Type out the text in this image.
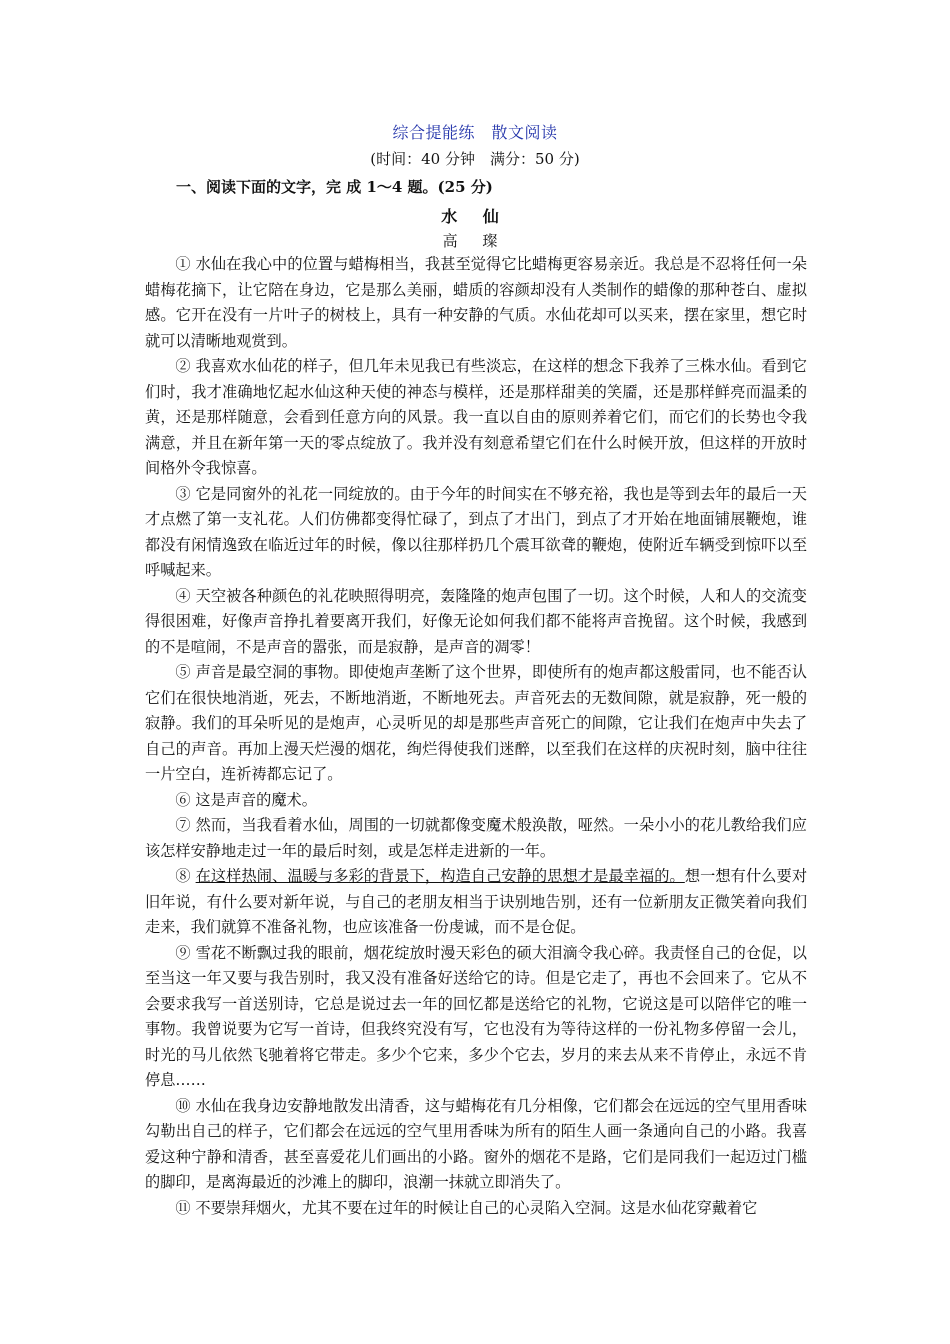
综合提能练　散文阅读
(时间：40 分钟　满分：50 分)
一、阅读下面的文字，完 成 1～4 题。(25 分)
水 仙
高 璨

① 水仙在我心中的位置与蜡梅相当，我甚至觉得它比蜡梅更容易亲近。我总是不忍将任何一朵蜡梅花摘下，让它陪在身边，它是那么美丽，蜡质的容颜却没有人类制作的蜡像的那种苍白、虚拟感。它开在没有一片叶子的树枝上，具有一种安静的气质。水仙花却可以买来，摆在家里，想它时就可以清晰地观赏到。

② 我喜欢水仙花的样子，但几年未见我已有些淡忘，在这样的想念下我养了三株水仙。看到它们时，我才准确地忆起水仙这种天使的神态与模样，还是那样甜美的笑靥，还是那样鲜亮而温柔的黄，还是那样随意，会看到任意方向的风景。我一直以自由的原则养着它们，而它们的长势也令我满意，并且在新年第一天的零点绽放了。我并没有刻意希望它们在什么时候开放，但这样的开放时间格外令我惊喜。

③ 它是同窗外的礼花一同绽放的。由于今年的时间实在不够充裕，我也是等到去年的最后一天才点燃了第一支礼花。人们仿佛都变得忙碌了，到点了才出门，到点了才开始在地面铺展鞭炮，谁都没有闲情逸致在临近过年的时候，像以往那样扔几个震耳欲聋的鞭炮，使附近车辆受到惊吓以至呼喊起来。

④ 天空被各种颜色的礼花映照得明亮，轰隆隆的炮声包围了一切。这个时候，人和人的交流变得很困难，好像声音挣扎着要离开我们，好像无论如何我们都不能将声音挽留。这个时候，我感到的不是喧闹，不是声音的嚣张，而是寂静，是声音的凋零！

⑤ 声音是最空洞的事物。即使炮声垄断了这个世界，即使所有的炮声都这般雷同，也不能否认它们在很快地消逝，死去，不断地消逝，不断地死去。声音死去的无数间隙，就是寂静，死一般的寂静。我们的耳朵听见的是炮声，心灵听见的却是那些声音死亡的间隙，它让我们在炮声中失去了自己的声音。再加上漫天烂漫的烟花，绚烂得使我们迷醉，以至我们在这样的庆祝时刻，脑中往往一片空白，连祈祷都忘记了。

⑥ 这是声音的魔术。

⑦ 然而，当我看着水仙，周围的一切就都像变魔术般涣散，哑然。一朵小小的花儿教给我们应该怎样安静地走过一年的最后时刻，或是怎样走进新的一年。

⑧ 在这样热闹、温暖与多彩的背景下，构造自己安静的思想才是最幸福的。想一想有什么要对旧年说，有什么要对新年说，与自己的老朋友相当于诀别地告别，还有一位新朋友正微笑着向我们走来，我们就算不准备礼物，也应该准备一份虔诚，而不是仓促。

⑨ 雪花不断飘过我的眼前，烟花绽放时漫天彩色的硕大泪滴令我心碎。我责怪自己的仓促，以至当这一年又要与我告别时，我又没有准备好送给它的诗。但是它走了，再也不会回来了。它从不会要求我写一首送别诗，它总是说过去一年的回忆都是送给它的礼物，它说这是可以陪伴它的唯一事物。我曾说要为它写一首诗，但我终究没有写，它也没有为等待这样的一份礼物多停留一会儿，时光的马儿依然飞驰着将它带走。多少个它来，多少个它去，岁月的来去从来不肯停止，永远不肯停息……

⑩ 水仙在我身边安静地散发出清香，这与蜡梅花有几分相像，它们都会在远远的空气里用香味勾勒出自己的样子，它们都会在远远的空气里用香味为所有的陌生人画一条通向自己的小路。我喜爱这种宁静和清香，甚至喜爱花儿们画出的小路。窗外的烟花不是路，它们是同我们一起迈过门槛的脚印，是离海最近的沙滩上的脚印，浪潮一抹就立即消失了。

⑪ 不要崇拜烟火，尤其不要在过年的时候让自己的心灵陷入空洞。这是水仙花穿戴着它
